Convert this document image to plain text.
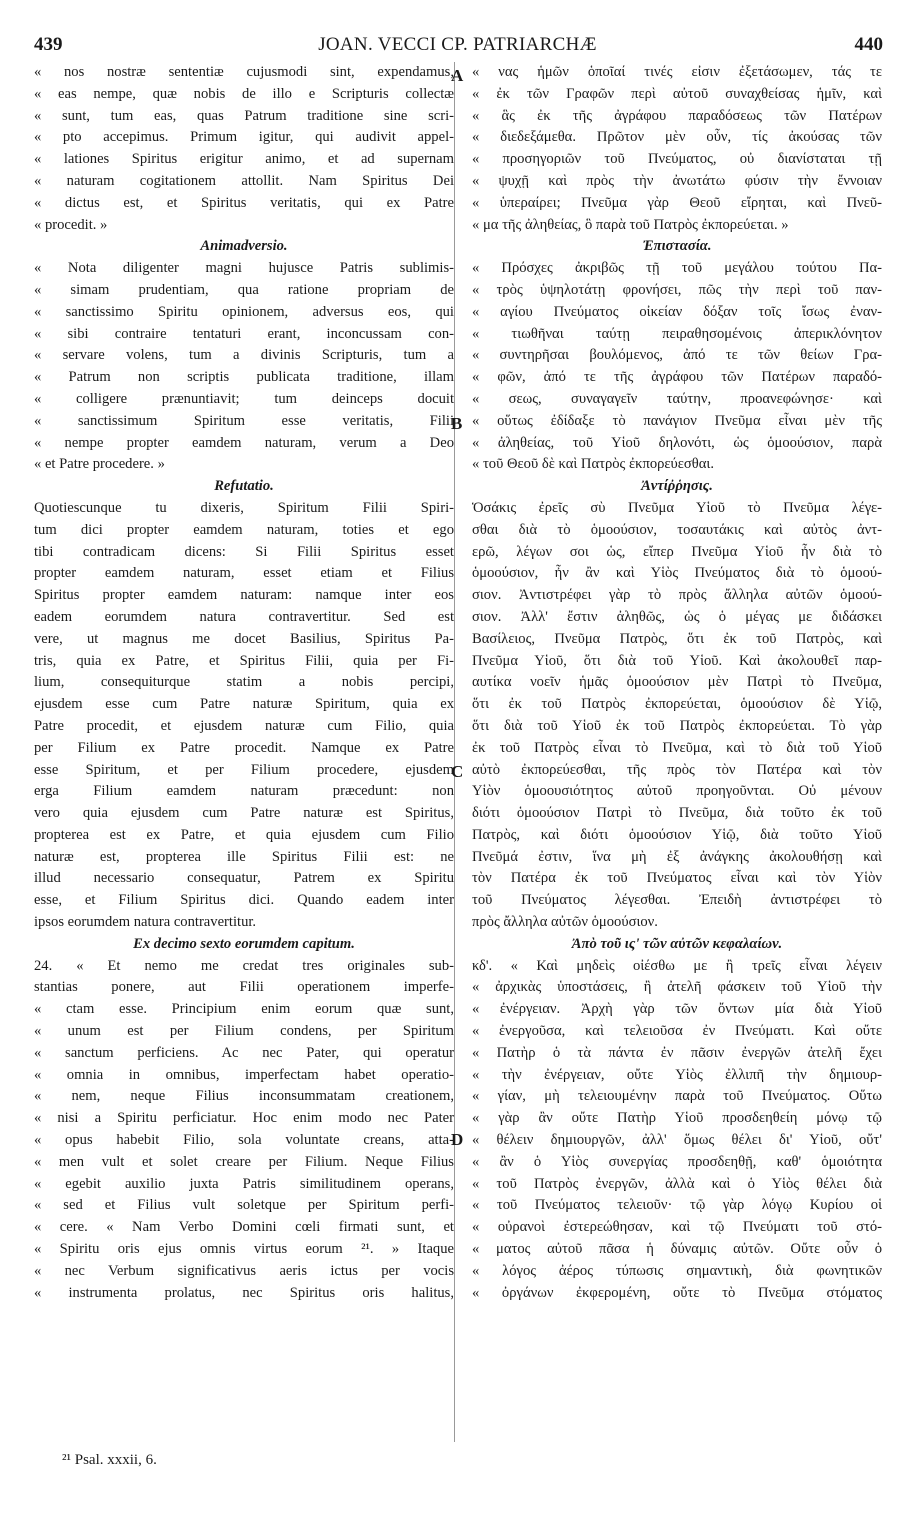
439	JOAN. VECCI CP. PATRIARCHÆ	440
« nos nostræ sententiæ cujusmodi sint, expendamus,
« eas nempe, quæ nobis de illo e Scripturis collectæ
« sunt, tum eas, quas Patrum traditione sine scri-
« pto accepimus. Primum igitur, qui audivit appel-
« lationes Spiritus erigitur animo, et ad supernam
« naturam cogitationem attollit. Nam Spiritus Dei
« dictus est, et Spiritus veritatis, qui ex Patre
« procedit. »
Animadversio.
« Nota diligenter magni hujusce Patris sublimis-
« simam prudentiam, qua ratione propriam de
« sanctissimo Spiritu opinionem, adversus eos, qui
« sibi contraire tentaturi erant, inconcussam con-
« servare volens, tum a divinis Scripturis, tum a
« Patrum non scriptis publicata traditione, illam
« colligere prænuntiavit; tum deinceps docuit
« sanctissimum Spiritum esse veritatis, Filii
« nempe propter eamdem naturam, verum a Deo
« et Patre procedere. »
Refutatio.
Quotiescunque tu dixeris, Spiritum Filii Spiri-
tum dici propter eamdem naturam, toties et ego
tibi contradicam dicens: Si Filii Spiritus esset
propter eamdem naturam, esset etiam et Filius
Spiritus propter eamdem naturam: namque inter eos
eadem eorumdem natura contravertitur. Sed est
vere, ut magnus me docet Basilius, Spiritus Pa-
tris, quia ex Patre, et Spiritus Filii, quia per Fi-
lium, consequiturque statim a nobis percipi,
ejusdem esse cum Patre naturæ Spiritum, quia ex
Patre procedit, et ejusdem naturæ cum Filio, quia
per Filium ex Patre procedit. Namque ex Patre
esse Spiritum, et per Filium procedere, ejusdem
erga Filium eamdem naturam præcedunt: non
vero quia ejusdem cum Patre naturæ est Spiritus,
propterea est ex Patre, et quia ejusdem cum Filio
naturæ est, propterea ille Spiritus Filii est: ne
illud necessario consequatur, Patrem ex Spiritu
esse, et Filium Spiritus dici. Quando eadem inter
ipsos eorumdem natura contravertitur.
Ex decimo sexto eorumdem capitum.
24. « Et nemo me credat tres originales sub-
stantias ponere, aut Filii operationem imperfe-
« ctam esse. Principium enim eorum quæ sunt,
« unum est per Filium condens, per Spiritum
« sanctum perficiens. Ac nec Pater, qui operatur
« omnia in omnibus, imperfectam habet operatio-
« nem, neque Filius inconsummatam creationem,
« nisi a Spiritu perficiatur. Hoc enim modo nec Pater
« opus habebit Filio, sola voluntate creans, atta-
« men vult et solet creare per Filium. Neque Filius
« egebit auxilio juxta Patris similitudinem operans,
« sed et Filius vult soletque per Spiritum perfi-
« cere. « Nam Verbo Domini cœli firmati sunt, et
« Spiritu oris ejus omnis virtus eorum ²¹. » Itaque
« nec Verbum significativus aeris ictus per vocis
« instrumenta prolatus, nec Spiritus oris halitus,
« νας ἡμῶν ὁποῖαί τινές εἰσιν ἐξετάσωμεν, τάς τε
« ἐκ τῶν Γραφῶν περὶ αὐτοῦ συναχθείσας ἡμῖν, καὶ
« ἃς ἐκ τῆς ἀγράφου παραδόσεως τῶν Πατέρων
« διεδεξάμεθα. Πρῶτον μὲν οὖν, τίς ἀκούσας τῶν
« προσηγοριῶν τοῦ Πνεύματος, οὐ διανίσταται τῇ
« ψυχῇ καὶ πρὸς τὴν ἀνωτάτω φύσιν τὴν ἔννοιαν
« ὑπεραίρει; Πνεῦμα γὰρ Θεοῦ εἴρηται, καὶ Πνεῦ-
« μα τῆς ἀληθείας, ὃ παρὰ τοῦ Πατρὸς ἐκπορεύεται. »
Ἐπιστασία.
« Πρόσχες ἀκριβῶς τῇ τοῦ μεγάλου τούτου Πα-
« τρὸς ὑψηλοτάτῃ φρονήσει, πῶς τὴν περὶ τοῦ παν-
« αγίου Πνεύματος οἰκείαν δόξαν τοῖς ἴσως ἐναν-
« τιωθῆναι ταύτῃ πειραθησομένοις ἀπερικλόνητον
« συντηρῆσαι βουλόμενος, ἀπό τε τῶν θείων Γρα-
« φῶν, ἀπό τε τῆς ἀγράφου τῶν Πατέρων παραδό-
« σεως, συναγαγεῖν ταύτην, προανεφώνησε· καὶ
« οὕτως ἐδίδαξε τὸ πανάγιον Πνεῦμα εἶναι μὲν τῆς
« ἀληθείας, τοῦ Υἱοῦ δηλονότι, ὡς ὁμοούσιον, παρὰ
« τοῦ Θεοῦ δὲ καὶ Πατρὸς ἐκπορεύεσθαι.
Ἀντίῤῥησις.
Ὁσάκις ἐρεῖς σὺ Πνεῦμα Υἱοῦ τὸ Πνεῦμα λέγε-
σθαι διὰ τὸ ὁμοούσιον, τοσαυτάκις καὶ αὐτὸς ἀντ-
ερῶ, λέγων σοι ὡς, εἴπερ Πνεῦμα Υἱοῦ ἦν διὰ τὸ
ὁμοούσιον, ἦν ἂν καὶ Υἱὸς Πνεύματος διὰ τὸ ὁμοού-
σιον. Ἀντιστρέφει γὰρ τὸ πρὸς ἄλληλα αὐτῶν ὁμοού-
σιον. Ἀλλ' ἔστιν ἀληθῶς, ὡς ὁ μέγας με διδάσκει
Βασίλειος, Πνεῦμα Πατρὸς, ὅτι ἐκ τοῦ Πατρὸς, καὶ
Πνεῦμα Υἱοῦ, ὅτι διὰ τοῦ Υἱοῦ. Καὶ ἀκολουθεῖ παρ-
αυτίκα νοεῖν ἡμᾶς ὁμοούσιον μὲν Πατρὶ τὸ Πνεῦμα,
ὅτι ἐκ τοῦ Πατρὸς ἐκπορεύεται, ὁμοούσιον δὲ Υἱῷ,
ὅτι διὰ τοῦ Υἱοῦ ἐκ τοῦ Πατρὸς ἐκπορεύεται. Τὸ γὰρ
ἐκ τοῦ Πατρὸς εἶναι τὸ Πνεῦμα, καὶ τὸ διὰ τοῦ Υἱοῦ
αὐτὸ ἐκπορεύεσθαι, τῆς πρὸς τὸν Πατέρα καὶ τὸν
Υἱὸν ὁμοουσιότητος αὐτοῦ προηγοῦνται. Οὐ μένουν
διότι ὁμοούσιον Πατρὶ τὸ Πνεῦμα, διὰ τοῦτο ἐκ τοῦ
Πατρὸς, καὶ διότι ὁμοούσιον Υἱῷ, διὰ τοῦτο Υἱοῦ
Πνεῦμά ἐστιν, ἵνα μὴ ἐξ ἀνάγκης ἀκολουθήσῃ καὶ
τὸν Πατέρα ἐκ τοῦ Πνεύματος εἶναι καὶ τὸν Υἱὸν
τοῦ Πνεύματος λέγεσθαι. Ἐπειδὴ ἀντιστρέφει τὸ
πρὸς ἄλληλα αὐτῶν ὁμοούσιον.
Ἀπὸ τοῦ ις' τῶν αὐτῶν κεφαλαίων.
κδ'. « Καὶ μηδεὶς οἰέσθω με ἢ τρεῖς εἶναι λέγειν
« ἀρχικὰς ὑποστάσεις, ἢ ἀτελῆ φάσκειν τοῦ Υἱοῦ τὴν
« ἐνέργειαν. Ἀρχὴ γὰρ τῶν ὄντων μία διὰ Υἱοῦ
« ἐνεργοῦσα, καὶ τελειοῦσα ἐν Πνεύματι. Καὶ οὔτε
« Πατὴρ ὁ τὰ πάντα ἐν πᾶσιν ἐνεργῶν ἀτελῆ ἔχει
« τὴν ἐνέργειαν, οὔτε Υἱὸς ἐλλιπῆ τὴν δημιουρ-
« γίαν, μὴ τελειουμένην παρὰ τοῦ Πνεύματος. Οὕτω
« γὰρ ἂν οὔτε Πατὴρ Υἱοῦ προσδεηθείη μόνῳ τῷ
« θέλειν δημιουργῶν, ἀλλ' ὅμως θέλει δι' Υἱοῦ, οὔτ'
« ἂν ὁ Υἱὸς συνεργίας προσδεηθῇ, καθ' ὁμοιότητα
« τοῦ Πατρὸς ἐνεργῶν, ἀλλὰ καὶ ὁ Υἱὸς θέλει διὰ
« τοῦ Πνεύματος τελειοῦν· τῷ γὰρ λόγῳ Κυρίου οἱ
« οὐρανοὶ ἐστερεώθησαν, καὶ τῷ Πνεύματι τοῦ στό-
« ματος αὐτοῦ πᾶσα ἡ δύναμις αὐτῶν. Οὔτε οὖν ὁ
« λόγος ἀέρος τύπωσις σημαντικὴ, διὰ φωνητικῶν
« ὀργάνων ἐκφερομένη, οὔτε τὸ Πνεῦμα στόματος
A
B
C
D
²¹ Psal. xxxii, 6.
